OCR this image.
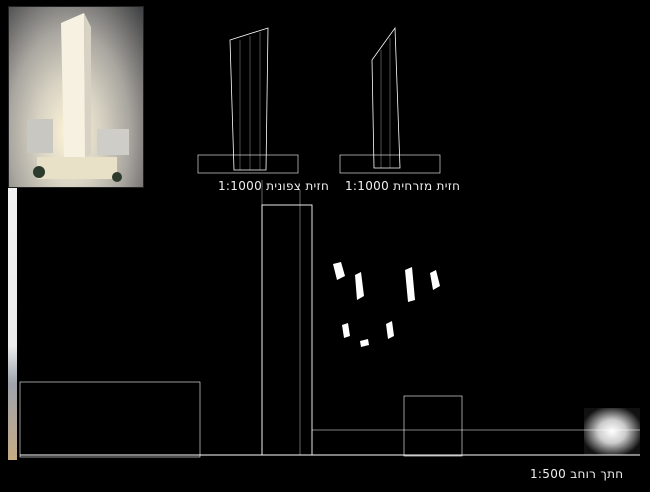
חזית צפונית 1:1000 חזית מזרחית 1:1000
חתך רוחב 1:500
